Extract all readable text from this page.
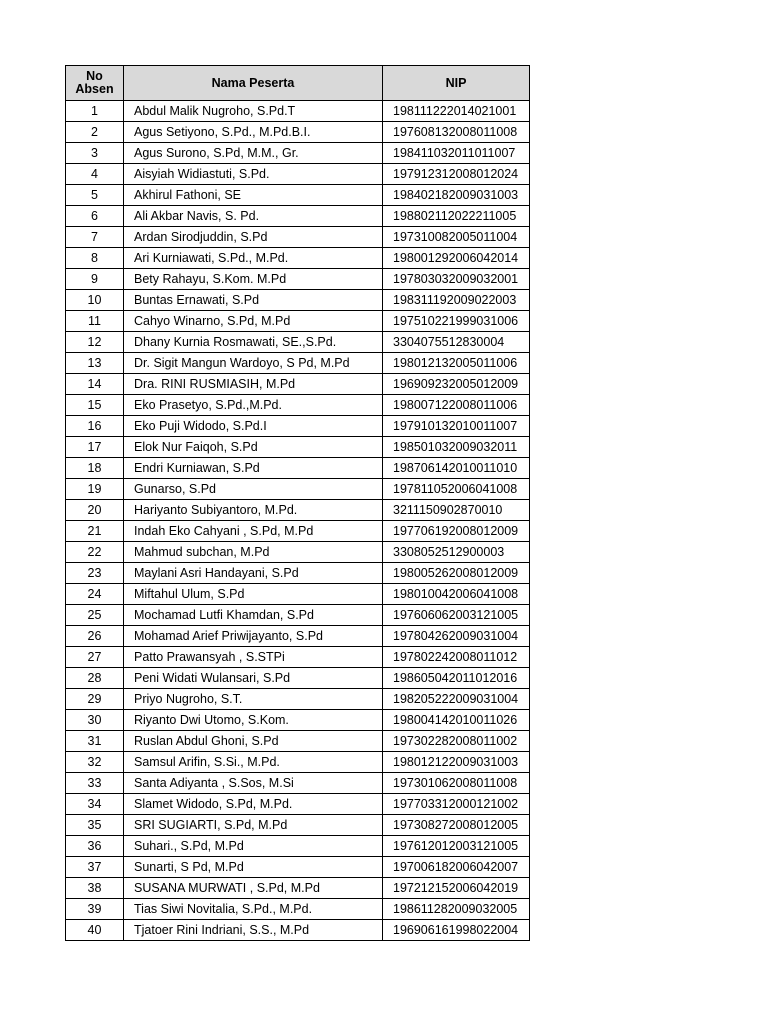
No
Absen	Nama Peserta	NIP
1	Abdul Malik Nugroho, S.Pd.T	198111222014021001
2	Agus Setiyono, S.Pd., M.Pd.B.I.	197608132008011008
3	Agus Surono, S.Pd, M.M., Gr.	198411032011011007
4	Aisyiah Widiastuti, S.Pd.	197912312008012024
5	Akhirul Fathoni, SE	198402182009031003
6	Ali Akbar Navis, S. Pd.	198802112022211005
7	Ardan Sirodjuddin, S.Pd	197310082005011004
8	Ari Kurniawati, S.Pd., M.Pd.	198001292006042014
9	Bety Rahayu, S.Kom. M.Pd	197803032009032001
10	Buntas Ernawati, S.Pd	198311192009022003
11	Cahyo Winarno, S.Pd, M.Pd	197510221999031006
12	Dhany Kurnia Rosmawati, SE.,S.Pd.	3304075512830004
13	Dr. Sigit Mangun Wardoyo, S Pd, M.Pd	198012132005011006
14	Dra. RINI RUSMIASIH, M.Pd	196909232005012009
15	Eko Prasetyo, S.Pd.,M.Pd.	198007122008011006
16	Eko Puji Widodo, S.Pd.I	197910132010011007
17	Elok Nur Faiqoh, S.Pd	198501032009032011
18	Endri Kurniawan, S.Pd	198706142010011010
19	Gunarso, S.Pd	197811052006041008
20	Hariyanto Subiyantoro, M.Pd.	3211150902870010
21	Indah Eko Cahyani , S.Pd, M.Pd	197706192008012009
22	Mahmud subchan, M.Pd	3308052512900003
23	Maylani Asri Handayani, S.Pd	198005262008012009
24	Miftahul Ulum, S.Pd	198010042006041008
25	Mochamad Lutfi Khamdan, S.Pd	197606062003121005
26	Mohamad Arief Priwijayanto, S.Pd	197804262009031004
27	Patto Prawansyah , S.STPi	197802242008011012
28	Peni Widati Wulansari, S.Pd	198605042011012016
29	Priyo Nugroho, S.T.	198205222009031004
30	Riyanto Dwi Utomo, S.Kom.	198004142010011026
31	Ruslan Abdul Ghoni, S.Pd	197302282008011002
32	Samsul Arifin, S.Si., M.Pd.	198012122009031003
33	Santa Adiyanta , S.Sos, M.Si	197301062008011008
34	Slamet Widodo, S.Pd, M.Pd.	197703312000121002
35	SRI SUGIARTI, S.Pd, M.Pd	197308272008012005
36	Suhari., S.Pd, M.Pd	197612012003121005
37	Sunarti, S Pd, M.Pd	197006182006042007
38	SUSANA MURWATI , S.Pd, M.Pd	197212152006042019
39	Tias Siwi Novitalia, S.Pd., M.Pd.	198611282009032005
40	Tjatoer Rini Indriani, S.S., M.Pd	196906161998022004
